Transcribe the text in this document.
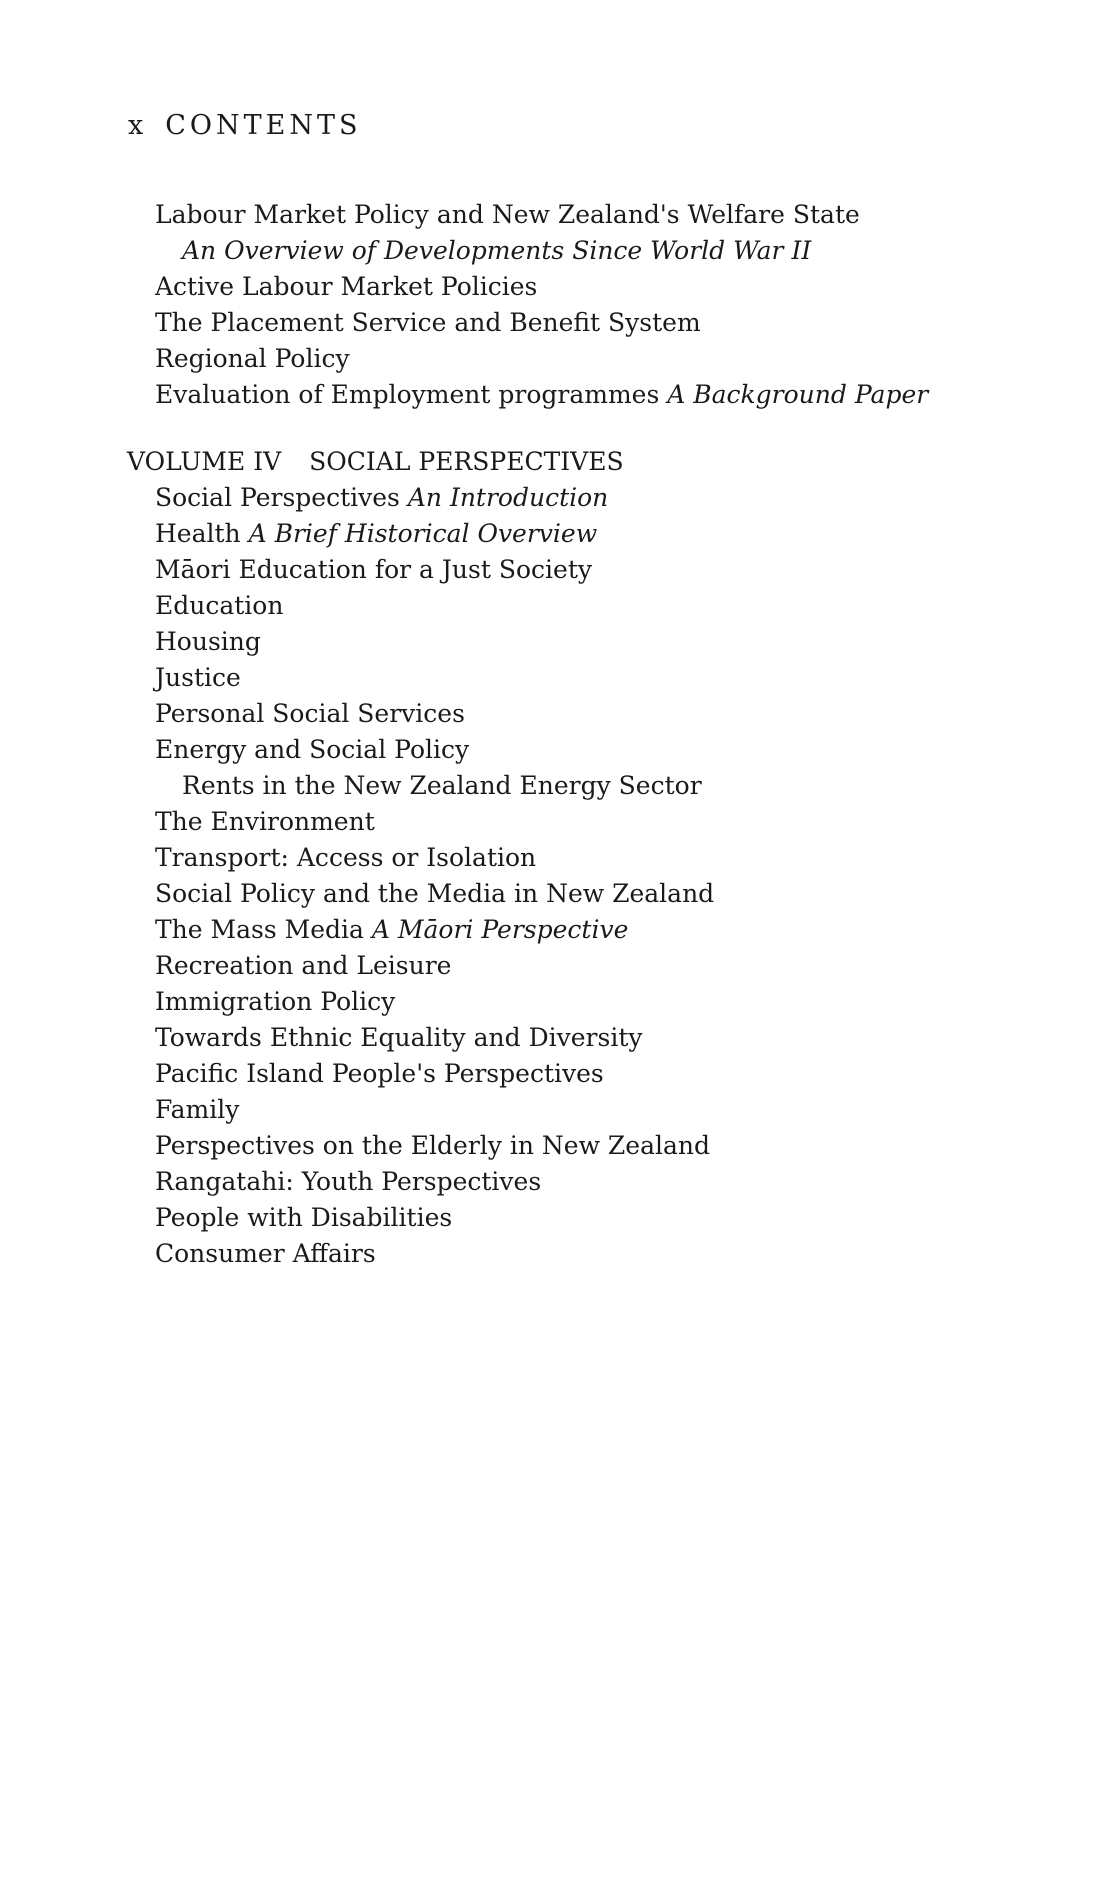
x CONTENTS
Labour Market Policy and New Zealand's Welfare State
An Overview of Developments Since World War II
Active Labour Market Policies
The Placement Service and Benefit System
Regional Policy
Evaluation of Employment programmes A Background Paper
VOLUME IV SOCIAL PERSPECTIVES
Social Perspectives An Introduction
Health A Brief Historical Overview
Māori Education for a Just Society
Education
Housing
Justice
Personal Social Services
Energy and Social Policy
Rents in the New Zealand Energy Sector
The Environment
Transport: Access or Isolation
Social Policy and the Media in New Zealand
The Mass Media A Māori Perspective
Recreation and Leisure
Immigration Policy
Towards Ethnic Equality and Diversity
Pacific Island People's Perspectives
Family
Perspectives on the Elderly in New Zealand
Rangatahi: Youth Perspectives
People with Disabilities
Consumer Affairs
